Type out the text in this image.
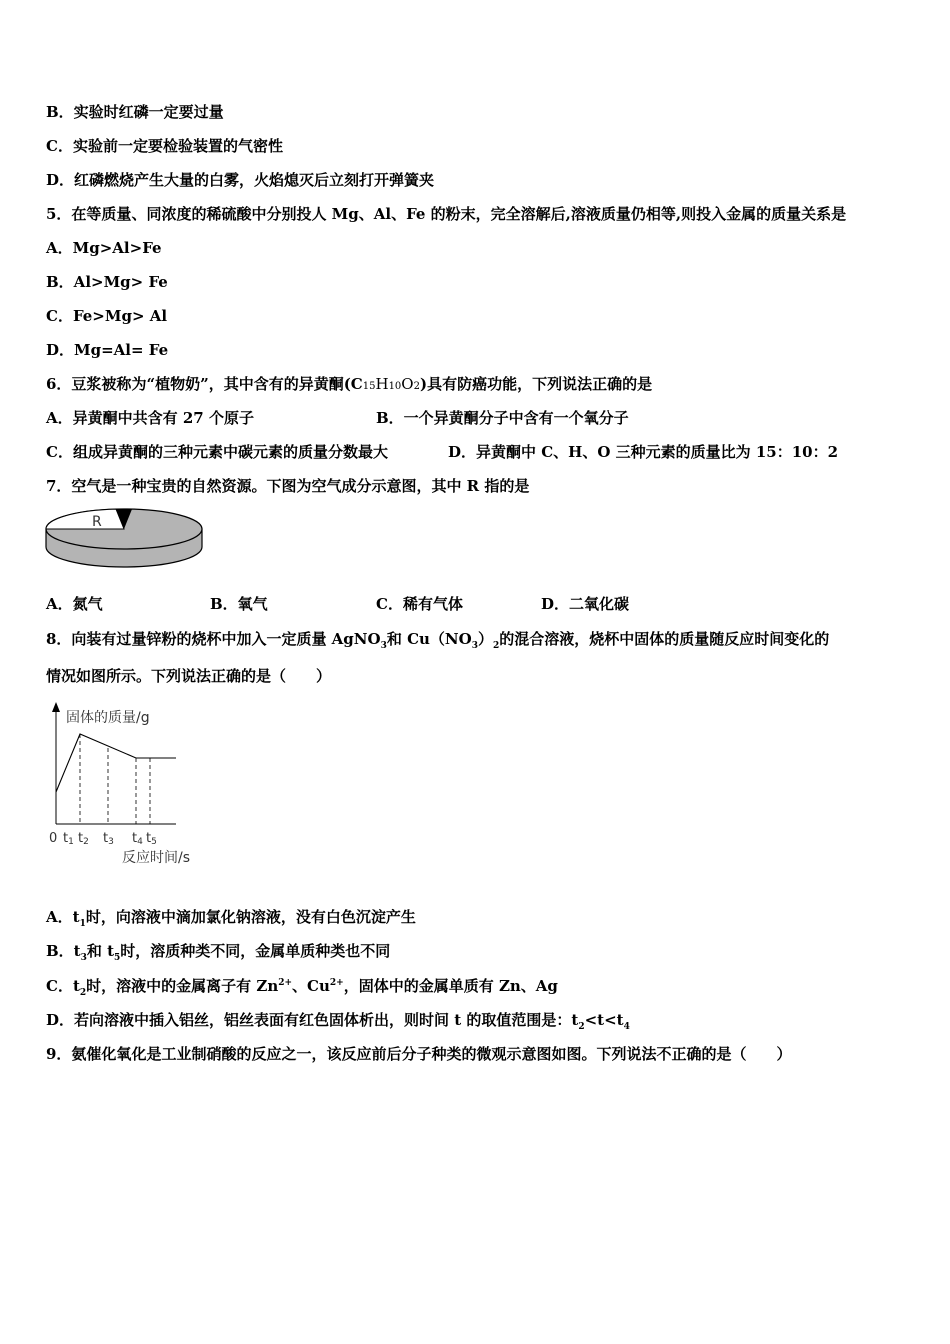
B．实验时红磷一定要过量
C．实验前一定要检验装置的气密性
D．红磷燃烧产生大量的白雾，火焰熄灭后立刻打开弹簧夹
5．在等质量、同浓度的稀硫酸中分别投人 Mg、Al、Fe 的粉末，完全溶解后,溶液质量仍相等,则投入金属的质量关系是
A．Mg>Al>Fe
B．Al>Mg> Fe
C．Fe>Mg> Al
D．Mg=Al= Fe
6．豆浆被称为“植物奶”，其中含有的异黄酮(C15H10O2)具有防癌功能，下列说法正确的是
A．异黄酮中共含有 27 个原子	B．一个异黄酮分子中含有一个氧分子
C．组成异黄酮的三种元素中碳元素的质量分数最大	D．异黄酮中 C、H、O 三种元素的质量比为 15：10：2
7．空气是一种宝贵的自然资源。下图为空气成分示意图，其中 R 指的是
R
A．氮气	B．氧气	C．稀有气体	D．二氧化碳
8．向装有过量锌粉的烧杯中加入一定质量 AgNO$_3$和 $Cu(NO_3)_2$的混合溶液，烧杯中固体的质量随反应时间变化的
情况如图所示。下列说法正确的是（　　）
固体的质量/g
0 t1 t2 t3 t4 t5
反应时间/s
A．$t_1$时，向溶液中滴加氯化钠溶液，没有白色沉淀产生
B．$t_3$和 $t_5$时，溶质种类不同，金属单质种类也不同
C．$t_2$时，溶液中的金属离子有 $Zn^{2+}$、$Cu^{2+}$，固体中的金属单质有 Zn、Ag
D．若向溶液中插入铝丝，铝丝表面有红色固体析出，则时间 t 的取值范围是：$t_2<t<t_4$
9．氨催化氧化是工业制硝酸的反应之一，该反应前后分子种类的微观示意图如图。下列说法不正确的是（　　）
